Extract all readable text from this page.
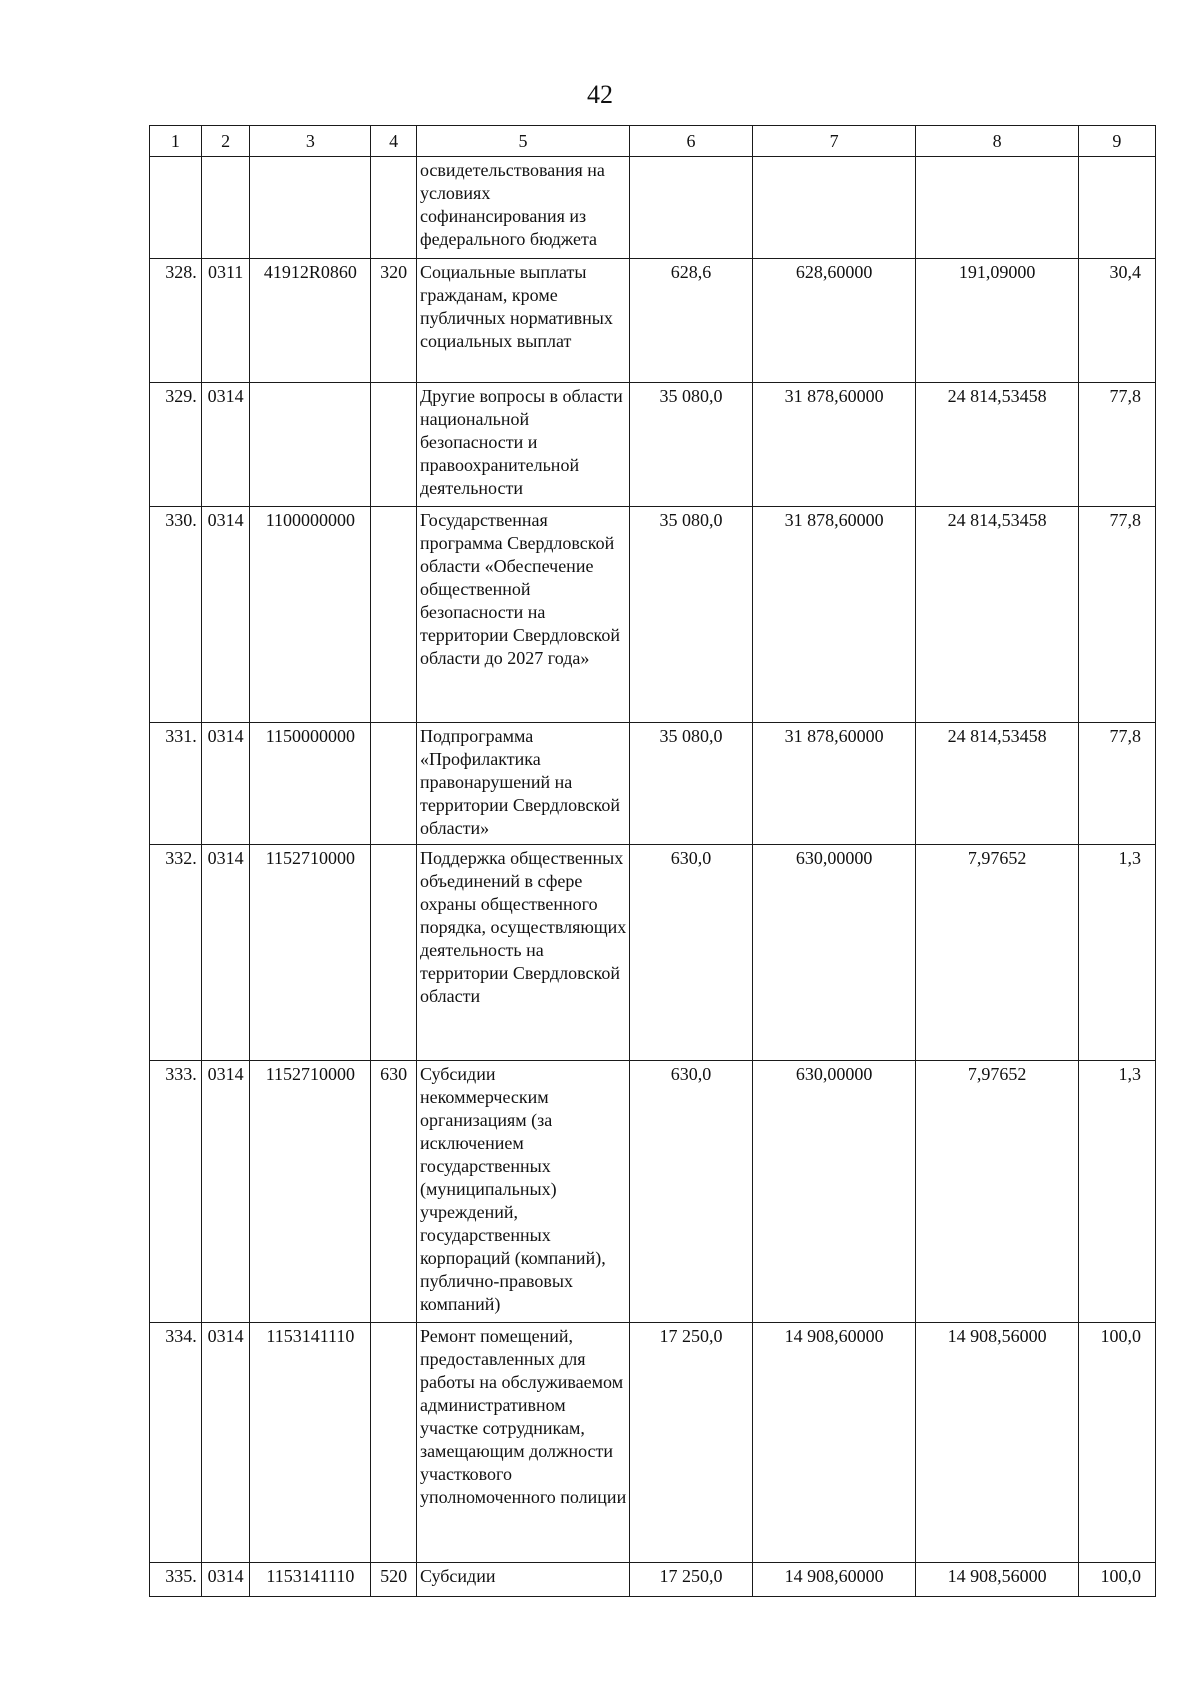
42
1	2	3	4	5	6	7	8	9
				освидетельствования на условиях софинансирования из федерального бюджета				
328.	0311	41912R0860	320	Социальные выплаты гражданам, кроме публичных нормативных социальных выплат	628,6	628,60000	191,09000	30,4
329.	0314			Другие вопросы в области национальной безопасности и правоохранительной деятельности	35 080,0	31 878,60000	24 814,53458	77,8
330.	0314	1100000000		Государственная программа Свердловской области «Обеспечение общественной безопасности на территории Свердловской области до 2027 года»	35 080,0	31 878,60000	24 814,53458	77,8
331.	0314	1150000000		Подпрограмма «Профилактика правонарушений на территории Свердловской области»	35 080,0	31 878,60000	24 814,53458	77,8
332.	0314	1152710000		Поддержка общественных объединений в сфере охраны общественного порядка, осуществляющих деятельность на территории Свердловской области	630,0	630,00000	7,97652	1,3
333.	0314	1152710000	630	Субсидии некоммерческим организациям (за исключением государственных (муниципальных) учреждений, государственных корпораций (компаний), публично-правовых компаний)	630,0	630,00000	7,97652	1,3
334.	0314	1153141110		Ремонт помещений, предоставленных для работы на обслуживаемом административном участке сотрудникам, замещающим должности участкового уполномоченного полиции	17 250,0	14 908,60000	14 908,56000	100,0
335.	0314	1153141110	520	Субсидии	17 250,0	14 908,60000	14 908,56000	100,0
